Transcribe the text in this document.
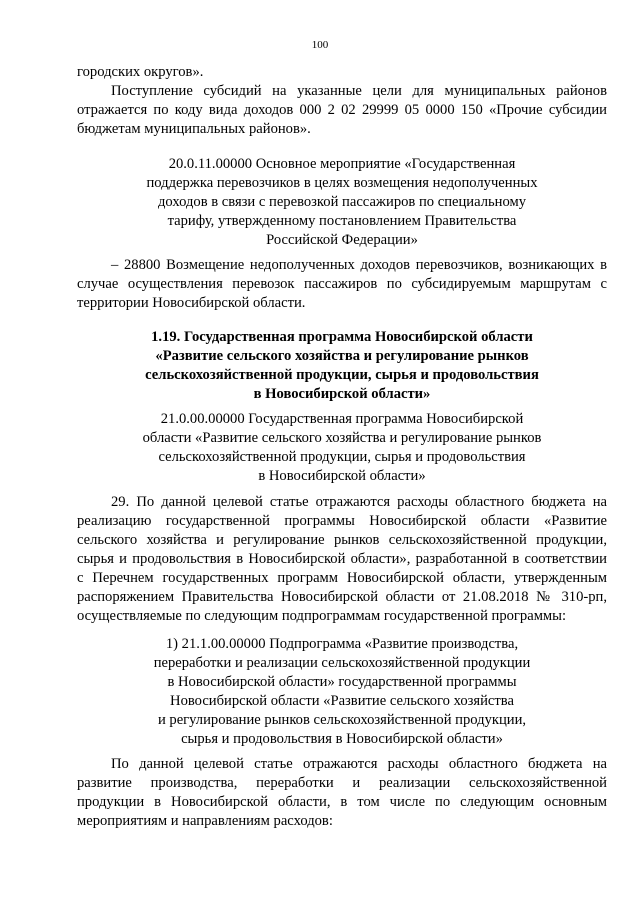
100
городских округов».
Поступление субсидий на указанные цели для муниципальных районов
отражается по коду вида доходов 000 2 02 29999 05 0000 150 «Прочие субсидии
бюджетам муниципальных районов».
20.0.11.00000 Основное мероприятие «Государственная
поддержка перевозчиков в целях возмещения недополученных
доходов в связи с перевозкой пассажиров по специальному
тарифу, утвержденному постановлением Правительства
Российской Федерации»
– 28800 Возмещение недополученных доходов перевозчиков, возникающих в
случае осуществления перевозок пассажиров по субсидируемым маршрутам с
территории Новосибирской области.
1.19. Государственная программа Новосибирской области
«Развитие сельского хозяйства и регулирование рынков
сельскохозяйственной продукции, сырья и продовольствия
в Новосибирской области»
21.0.00.00000 Государственная программа Новосибирской
области «Развитие сельского хозяйства и регулирование рынков
сельскохозяйственной продукции, сырья и продовольствия
в Новосибирской области»
29. По данной целевой статье отражаются расходы областного бюджета на
реализацию государственной программы Новосибирской области «Развитие
сельского хозяйства и регулирование рынков сельскохозяйственной продукции,
сырья и продовольствия в Новосибирской области», разработанной в соответствии
с Перечнем государственных программ Новосибирской области, утвержденным
распоряжением Правительства Новосибирской области от 21.08.2018 № 310-рп,
осуществляемые по следующим подпрограммам государственной программы:
1) 21.1.00.00000 Подпрограмма «Развитие производства,
переработки и реализации сельскохозяйственной продукции
в Новосибирской области» государственной программы
Новосибирской области «Развитие сельского хозяйства
и регулирование рынков сельскохозяйственной продукции,
сырья и продовольствия в Новосибирской области»
По данной целевой статье отражаются расходы областного бюджета на
развитие производства, переработки и реализации сельскохозяйственной
продукции в Новосибирской области, в том числе по следующим основным
мероприятиям и направлениям расходов:
